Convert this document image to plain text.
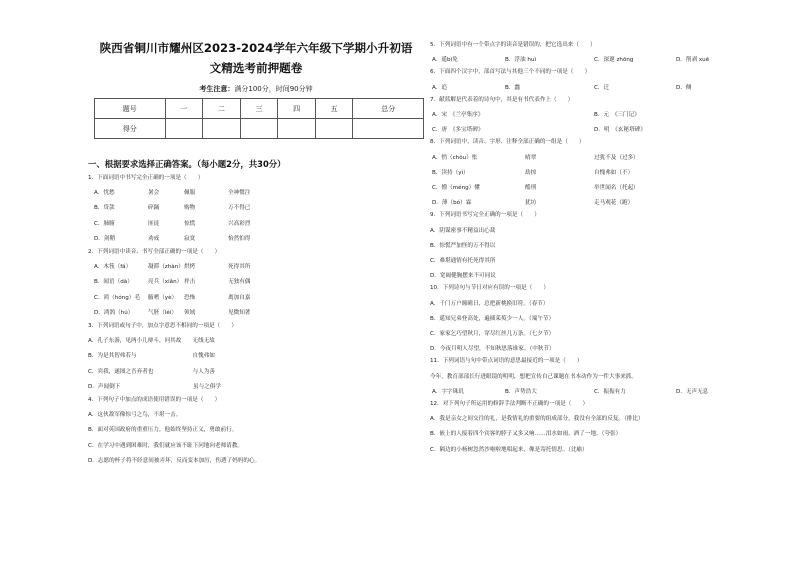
陕西省铜川市耀州区2023-2024学年六年级下学期小升初语
文精选考前押题卷
考生注意：满分100分，时间90分钟
题号	一	二	三	四	五	总分
得分						
一、根据要求选择正确答案。（每小题2分，共30分）
1．下面词语中书写完全正确的一项是（　　）
A．忧愁	暑会	佩服	全神惯注
B．贷款	碎踊	购物	万不得已
C．肺腑	匪徒	惊慌	兴高彩烈
D．剑鞘	劝戒	寂寞	怡然怕得
2．下列词语中读音、书写全部正确的一项是（　　）
A．木筏（fá）	凝滞（zhàn） 烘烤	死得其所
B．闻语（dà）	亮兵（xiǎn） 抨击	无独有偶
C．鸿（hóng）毛 腋嗜（yè） 恐怖	离加自嘉
D．鸿鹄（hú）	气胚（léi） 领域	见微知著
3．下列词语或句子中，加点字意思不相同的一项是（　　）
A．孔子东游，见两小儿辩斗，问其故　　无线无故
B．为是其智弗若与　　　　　　　　　　自愧弗如
C．宾我，遂图之吾弃者也　　　　　　　与人为善
D．声闻倒下　　　　　　　　　　　　　虽与之俱学
4．下列句子中加点的成语使用错误的一项是（　　）
A．这伙敌军像惊弓之鸟，不堪一击。
B．面对英国政府的重重压力，他始终坚持正义，勇敢前行。
C．在学习中遇到困难时，我们就应该不耻下问地向老师请教。
D．志愿的杯子将不经意间被弄坏，反而变本加厉，伤透了妈妈的心。
5．下列词语中有一个带点字的读音是错误的，把它选出来（　　）
A．遥bì免	B．浮油 huì	C．深邃 zhōng	D．削剥 xuē
6．下面四个汉字中，部首写法与其他三个不同的一项是（　　）
A．追	B．蠢	C．迁	D．侧
7．献蓝解是代表着的诗句中，其是有书代表作上（　　）
A．宋　《兰亭集序》	B．元　《三门记》
C．唐　《多宝塔碑》	D．明　《玄秘塔碑》
8．下列词语中，读音、字形、注释全部正确的一组是（　　）
A．悄（chǒu）怅	晴翠	过犹不及（过多）
B．渎持（yì）	劫掠	自愧弗如（不）
C．懵（méng）懂	酷刑	举世闻名（托起）
D．薄（bó）霖	犹坊	走马观花（跑）
9．下列词语书写完全正确的一项是（　　）
A．阴谋密事不精益出心裁
B．惊慌严加怪的万不得以
C．难堪通情有托死得其所
D．宽阔健胸摆来不可同议
10．下列诗句与节日对应有误的一项是（　　）
A．千门万户曈曈日，总把新桃换旧符。（春节）
B．遥知兄弟登高处，遍插茱萸少一人。（端午节）
C．家家乞巧望秋月，穿尽红丝几万条。（七夕节）
D．今夜月明人尽望，不知秋思落谁家。（中秋节）
11．下列词语与句中带点词语的意思最接近的一项是（　　）
今年，教育部部长行进眼镜的明明，想把宣传自己课题在书本动作为一件大事来抓。
A．字字珠玑	B．声势浩大	C．振振有力	D．无声无息
12．对下列句子所运用的修辞手法判断不正确的一项是（　　）
A．我是亲女之间交往的礼，是我情礼的重要的组成部分，我没有全部的反复。（排比）
B．嵌上的人接着四个宾客的脖子又多又响……泪水如雨，酒了一地。（夸张）
C．隔边的小杨树忽然沙啦啦地唱起来，像是寄托情思。（比喻）
